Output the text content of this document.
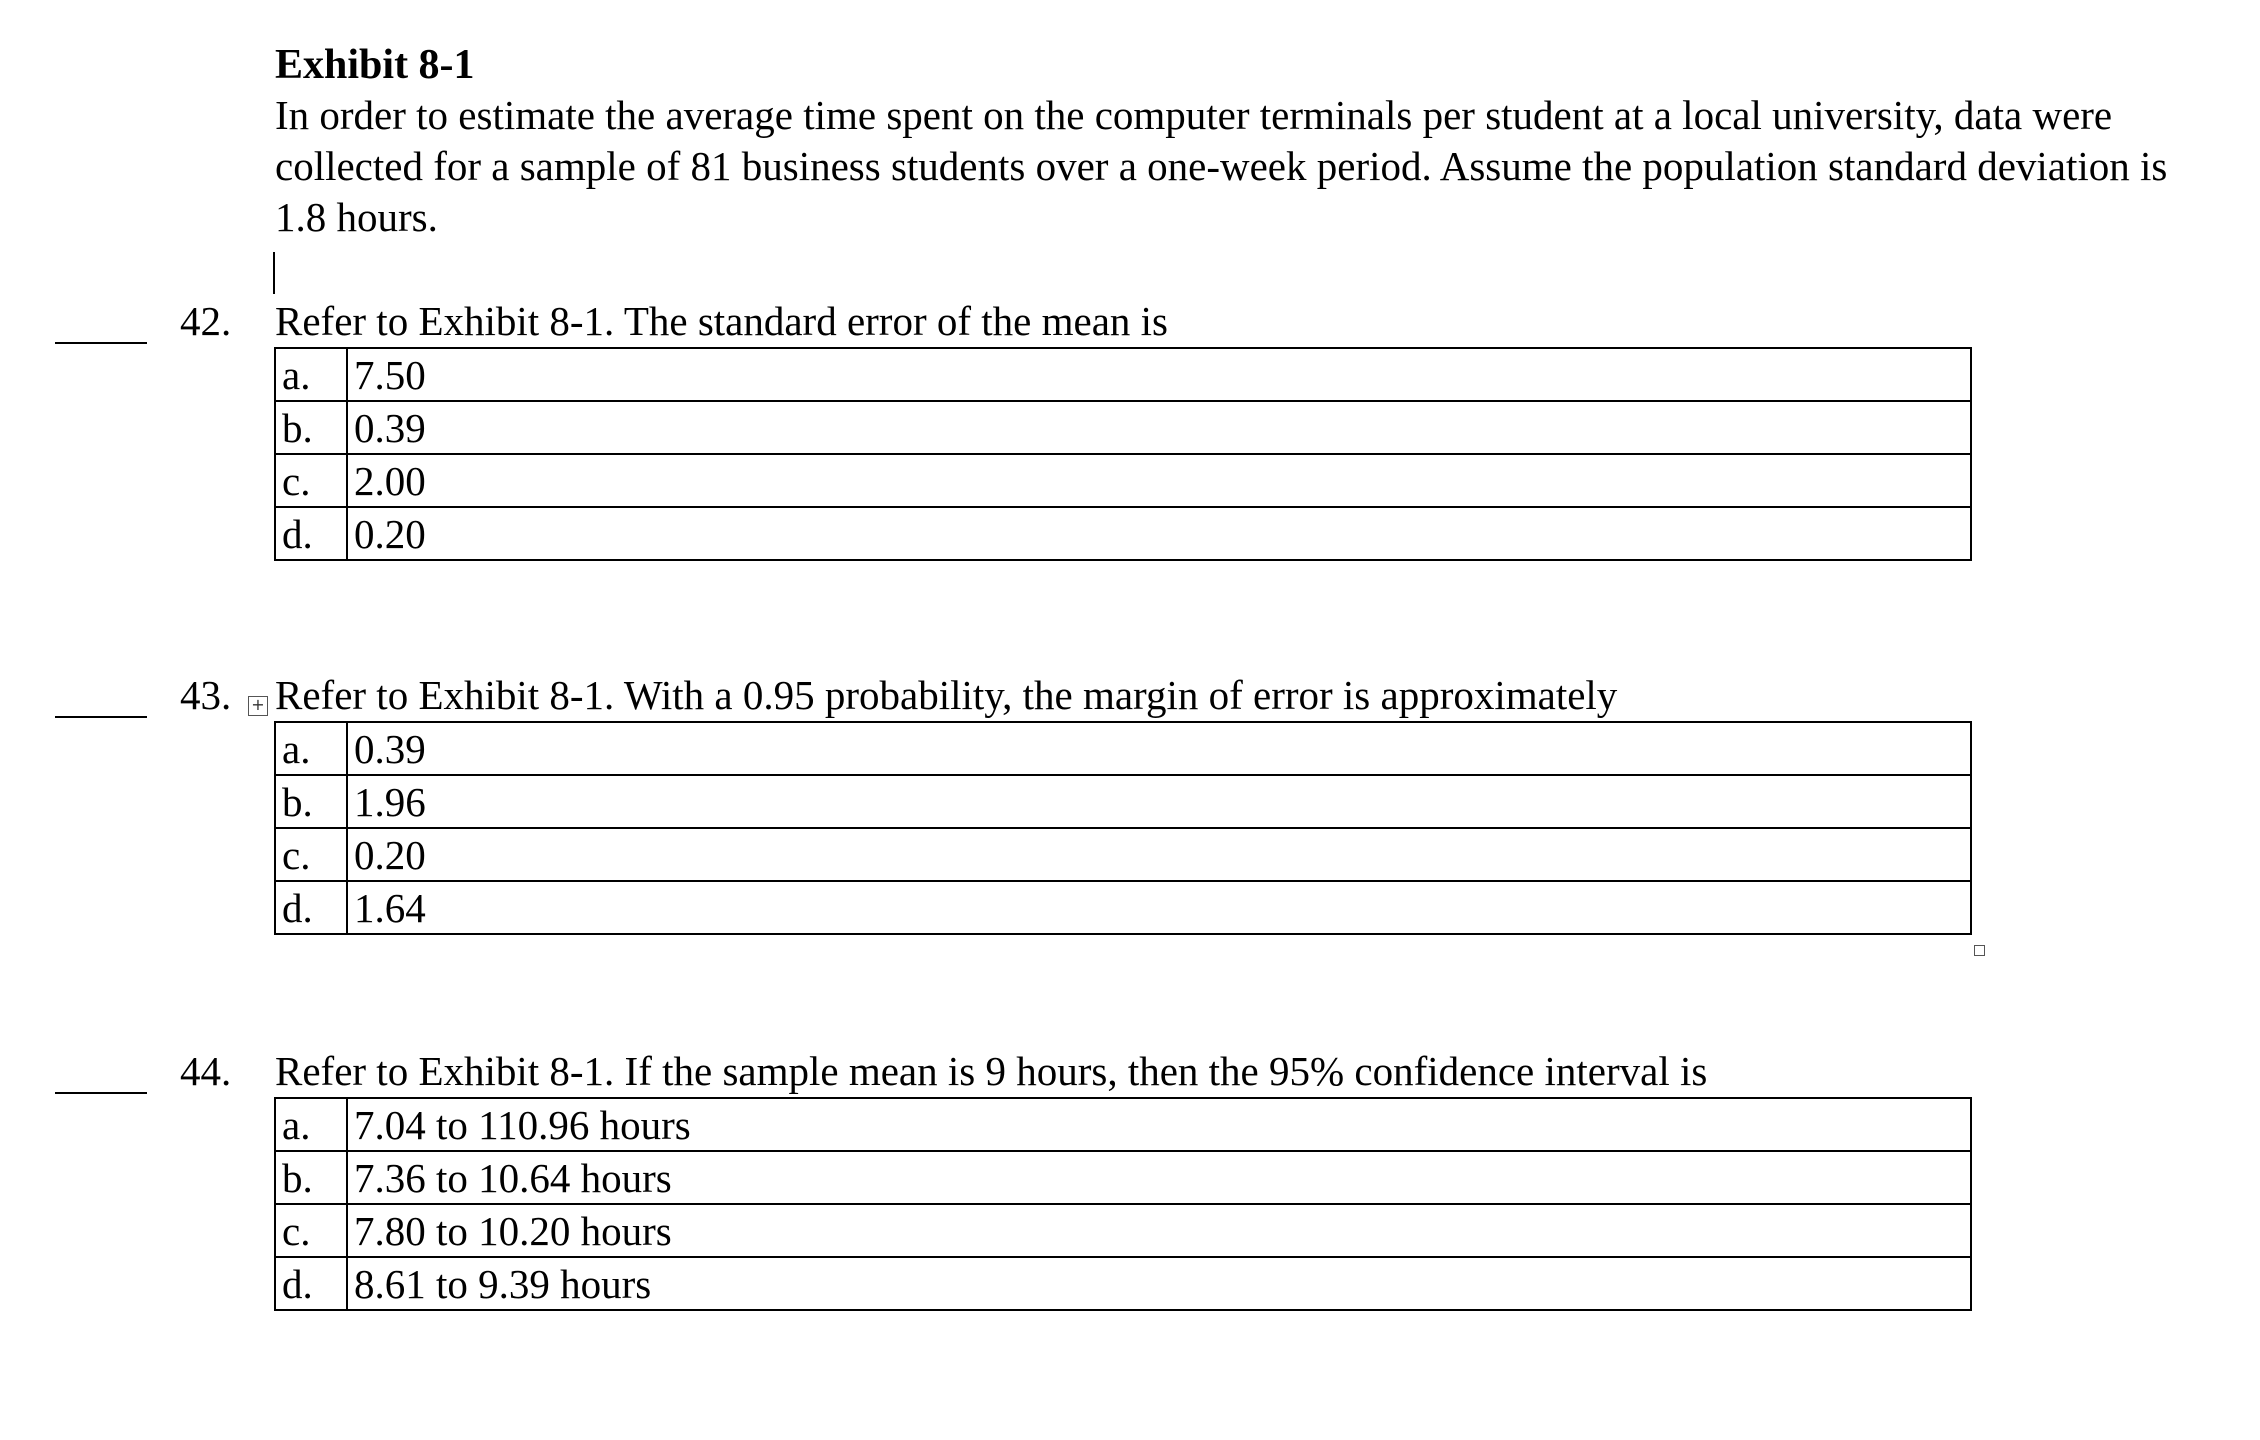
Exhibit 8-1

In order to estimate the average time spent on the computer terminals per student at a local university, data were collected for a sample of 81 business students over a one-week period. Assume the population standard deviation is 1.8 hours.

42. Refer to Exhibit 8-1. The standard error of the mean is
a.	7.50
b.	0.39
c.	2.00
d.	0.20
43. + Refer to Exhibit 8-1. With a 0.95 probability, the margin of error is approximately
a.	0.39
b.	1.96
c.	0.20
d.	1.64
44. Refer to Exhibit 8-1. If the sample mean is 9 hours, then the 95% confidence interval is
a.	7.04 to 110.96 hours
b.	7.36 to 10.64 hours
c.	7.80 to 10.20 hours
d.	8.61 to 9.39 hours
